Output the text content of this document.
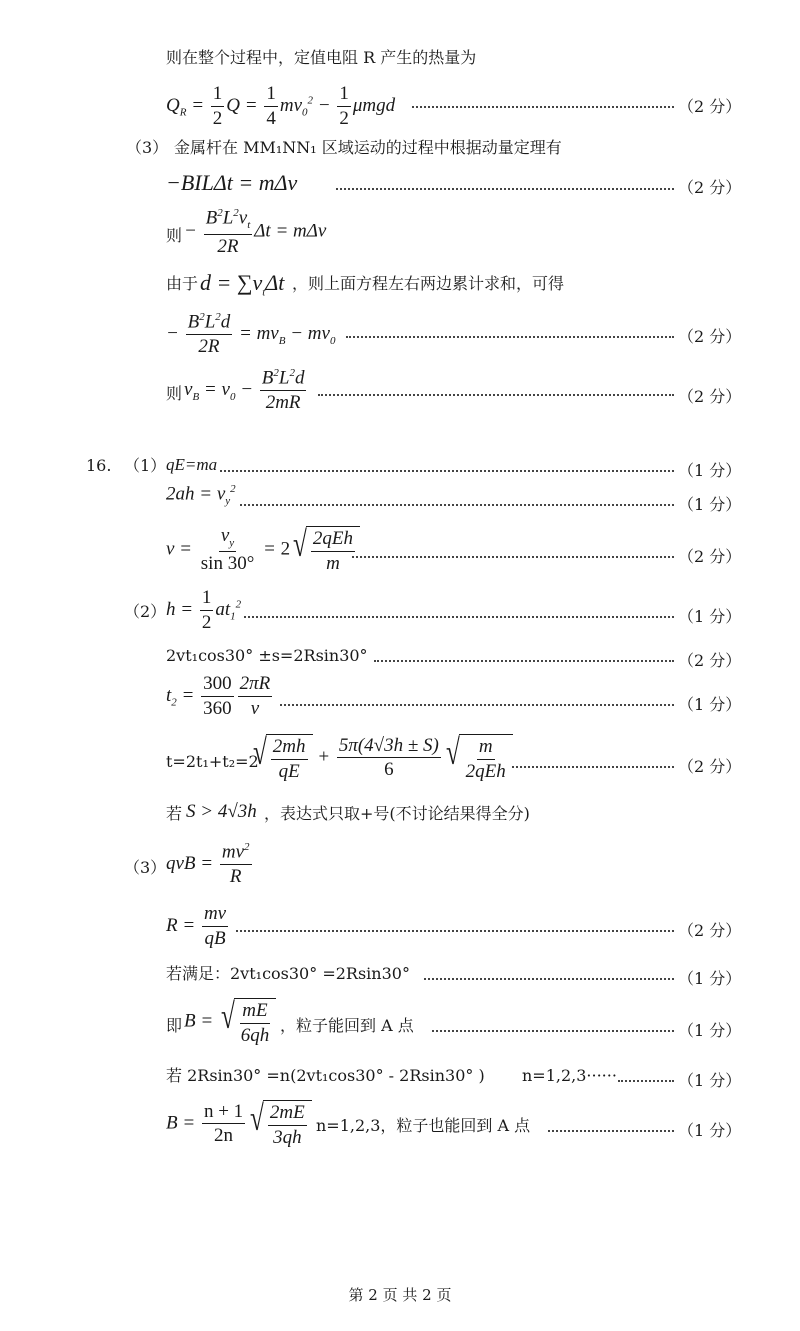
则在整个过程中，定值电阻 R 产生的热量为
$Q_R = \frac{1}{2}$ $Q = \frac{1}{4} mv_0^2 - \frac{1}{2}$ μmgd	（2 分）
（3） 金属杆在 MM₁NN₁ 区域运动的过程中根据动量定理有
−BILΔt = mΔv	（2 分）
则 − $\frac{B^2L^2v_t}{2R}$ Δt = mΔv
由于 $d = \sum v_t\Delta t$ ，则上面方程左右两边累计求和，可得
− $\frac{B^2L^2d}{2R} = mv_B - mv_0$	（2 分）
则 $v_B = v_0 - \frac{B^2L^2d}{2mR}$	（2 分）
16. （1） qE=ma	（1 分）
$2ah = v_y^2$
（1 分）
$v = \frac{v_y}{\sin 30^\circ} = 2$ √ $\frac{\text{2qEh}}{m}$	（2 分）
（2） $h = \frac{1}{2} at_1^2$
（1 分）
2vt₁cos30° ±s=2Rsin30°	（2 分）
$t_2 = \frac{300}{360} \frac{2\pi R}{v}$	（1 分）
t=2t₁+t₂=2
√ $\frac{2mh}{qE} + \frac{5\pi(4√3h \pm S)}{6}$ √ $\frac{m}{\text{2qEh}}$	（2 分）
若 S > 4√3h ，表达式只取+号(不讨论结果得全分)
（3） qvB = $\frac{mv^2}{R}$
$R = \frac{mv}{qB}$	（2 分）
若满足：2vt₁cos30° =2Rsin30°	（1 分）
即 B = √ $\frac{mE}{6qh}$ ，粒子能回到 A 点	（1 分）
若 2Rsin30° =n(2vt₁cos30° - 2Rsin30° ) n=1,2,3······	（1 分）
$B = \frac{n + 1}{2n}$ √ $\frac{2mE}{3qh} n=1,2,3$，粒子也能回到 A 点	（1 分）
第 2 页 共 2 页
